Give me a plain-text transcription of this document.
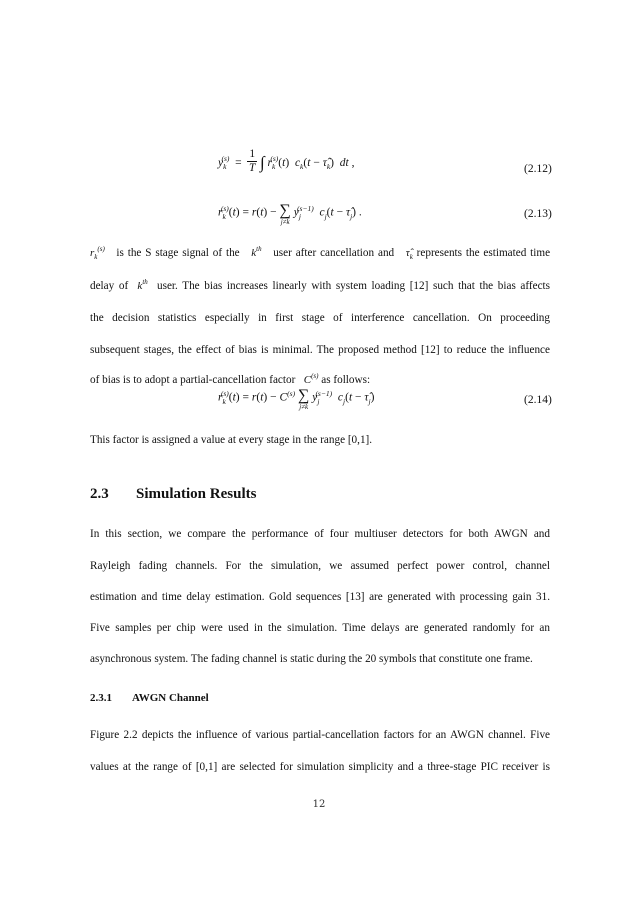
$y_k^{(s)} = \frac{1}{T}$ ∫ $r_k^{(s)}(t) c_k(t$ − $\taû_k$)  dt ,	(2.12)
$r_k^{(s)}(t) = r(t)$ − ∑
j≠k
$y_j^{(s-1)}$  $c_j(t$ − $\taû_j$) .	(2.13)
$r_k^{(s)}$ is the S stage signal of the $k^{th}$ user after cancellation and $\taû_k$ represents the estimated time
delay of $k^{th}$ user. The bias increases linearly with system loading [12] such that the bias affects
the decision statistics especially in first stage of interference cancellation. On proceeding
subsequent stages, the effect of bias is minimal. The proposed method [12] to reduce the influence
of bias is to adopt a partial-cancellation factor $C^{(s)}$ as follows:
$r_k^{(s)}(t) = r(t) - C^{(s)}$ ∑
j≠k
$y_j^{(s-1)}$  $c_j(t$ − $\taû_j$)	(2.14)
This factor is assigned a value at every stage in the range [0,1].
2.3 Simulation Results
In this section, we compare the performance of four multiuser detectors for both AWGN and
Rayleigh fading channels. For the simulation, we assumed perfect power control, channel
estimation and time delay estimation. Gold sequences [13] are generated with processing gain 31.
Five samples per chip were used in the simulation. Time delays are generated randomly for an
asynchronous system. The fading channel is static during the 20 symbols that constitute one frame.
2.3.1 AWGN Channel
Figure 2.2 depicts the influence of various partial-cancellation factors for an AWGN channel. Five
values at the range of [0,1] are selected for simulation simplicity and a three-stage PIC receiver is
12
